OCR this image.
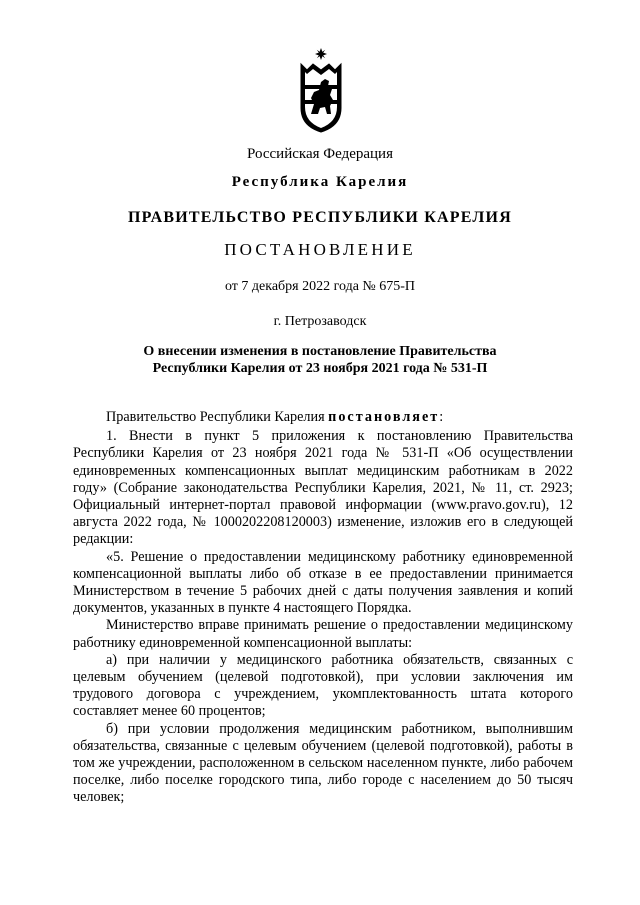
Российская Федерация
Республика Карелия
ПРАВИТЕЛЬСТВО РЕСПУБЛИКИ КАРЕЛИЯ
ПОСТАНОВЛЕНИЕ
от 7 декабря 2022 года № 675-П
г. Петрозаводск
О внесении изменения в постановление Правительства
Республики Карелия от 23 ноября 2021 года № 531-П

Правительство Республики Карелия постановляет:

1. Внести в пункт 5 приложения к постановлению Правительства Республики Карелия от 23 ноября 2021 года № 531-П «Об осуществлении единовременных компенсационных выплат медицинским работникам в 2022 году» (Собрание законодательства Республики Карелия, 2021, № 11, ст. 2923; Официальный интернет-портал правовой информации (www.pravo.gov.ru), 12 августа 2022 года, № 1000202208120003) изменение, изложив его в следующей редакции:

«5. Решение о предоставлении медицинскому работнику единовременной компенсационной выплаты либо об отказе в ее предоставлении принимается Министерством в течение 5 рабочих дней с даты получения заявления и копий документов, указанных в пункте 4 настоящего Порядка.

Министерство вправе принимать решение о предоставлении медицинскому работнику единовременной компенсационной выплаты:

а) при наличии у медицинского работника обязательств, связанных с целевым обучением (целевой подготовкой), при условии заключения им трудового договора с учреждением, укомплектованность штата которого составляет менее 60 процентов;

б) при условии продолжения медицинским работником, выполнившим обязательства, связанные с целевым обучением (целевой подготовкой), работы в том же учреждении, расположенном в сельском населенном пункте, либо рабочем поселке, либо поселке городского типа, либо городе с населением до 50 тысяч человек;
